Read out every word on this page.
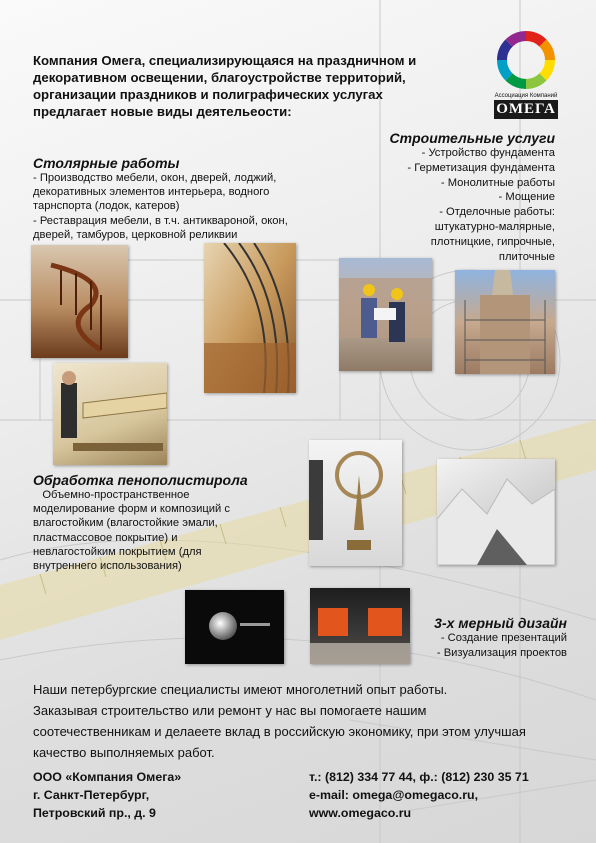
Компания Омега, специализирующаяся на праздничном и
декоративном освещении, благоустройстве территорий,
организации праздников и полиграфических услугах
предлагает новые виды деятельеости:
Ассоциация Компаний
ОМЕГА
Столярные работы
- Производство мебели, окон, дверей, лоджий,
декоративных элементов интерьера, водного
тарнспорта (лодок, катеров)
- Реставрация мебели, в т.ч. антикварoной, окон,
дверей, тамбуров, церковной реликвии
Строительные услуги
- Устройство фундамента
- Герметизация фундамента
- Монолитные работы
- Мощение
- Отделочные работы:
штукатурно-малярные,
плотницкие, гипрочные,
плиточные
Обработка пенополистирола
Объемно-пространственное
моделирование форм и композиций с
влагостойким (влагостойкие эмали,
пластмассовое покрытие) и
невлагостойким покрытием (для
внутреннего использования)
3-х мерный дизайн
- Создание презентаций
- Визуализация проектов
Наши петербургские специалисты имеют многолетний опыт работы.
Заказывая строительство или ремонт у нас вы помогаете нашим
соотечественникам и делаеете вклад в российскую экономику, при этом улучшая
качество выполняемых работ.
ООО «Компания Омега»
г. Санкт-Петербург,
Петровский пр., д. 9
т.: (812) 334 77 44, ф.: (812) 230 35 71
e-mail: omega@omegaco.ru,
www.omegaco.ru
